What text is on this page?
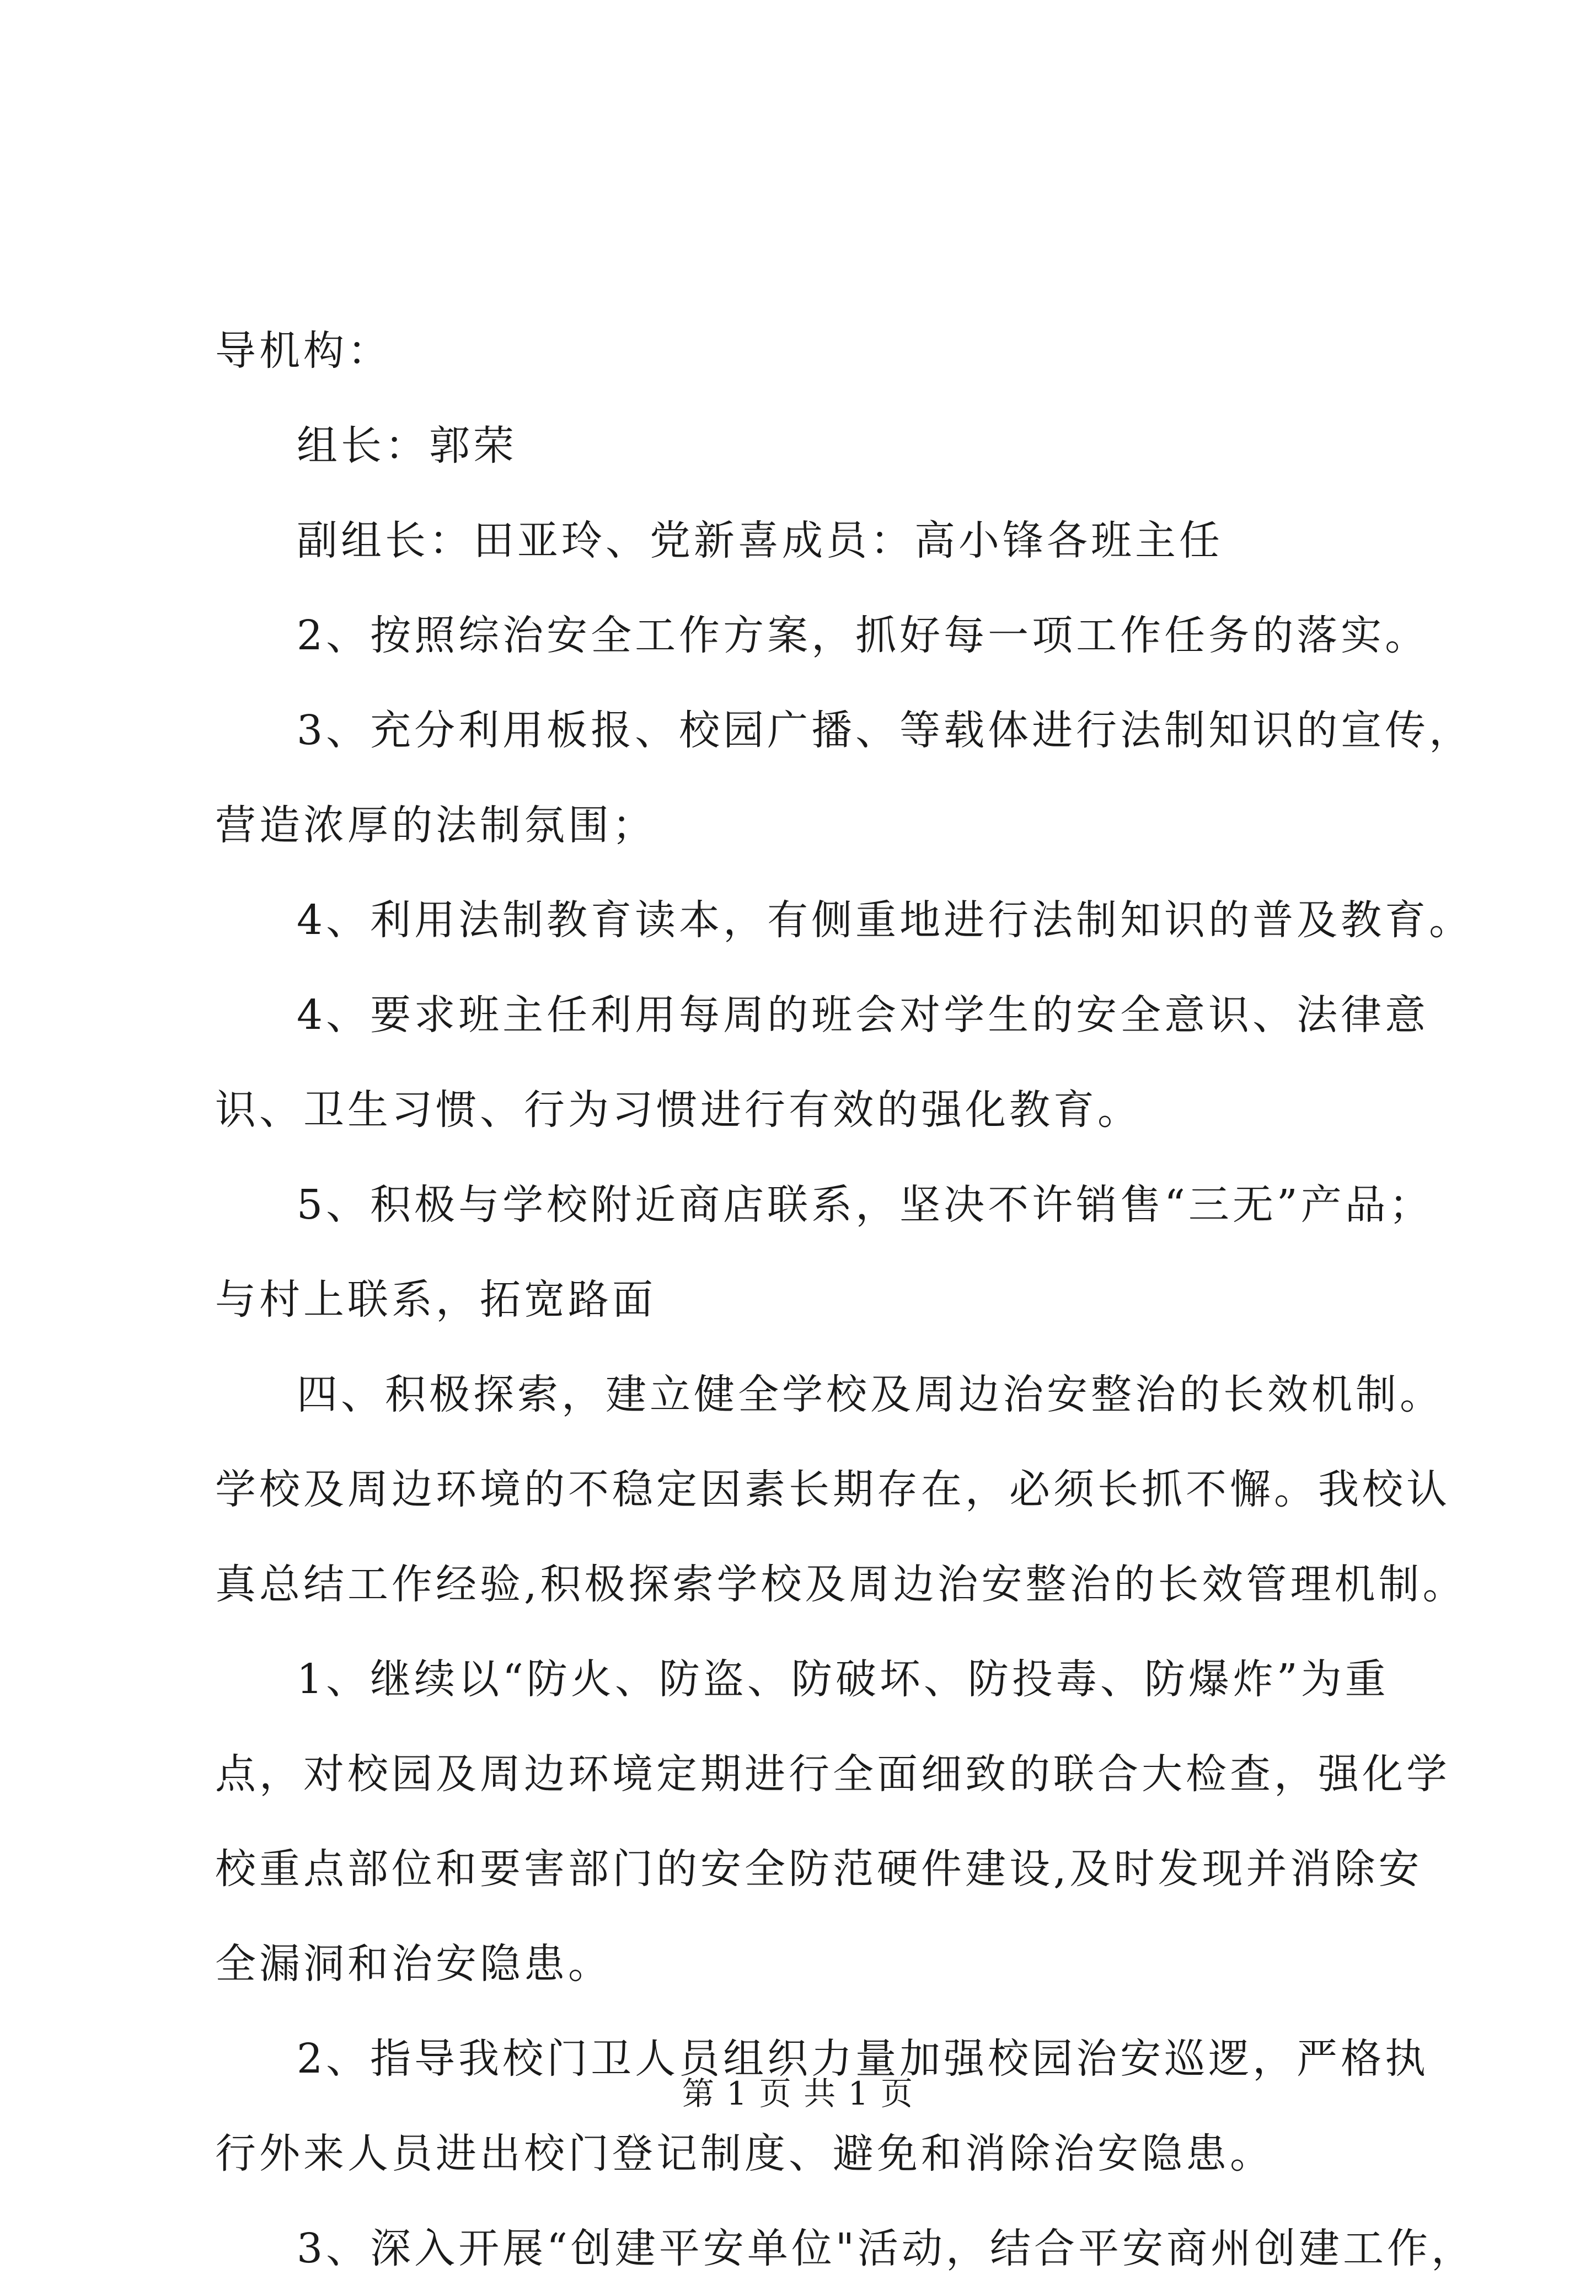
导机构：

组长：郭荣

副组长：田亚玲、党新喜成员：高小锋各班主任

2、按照综治安全工作方案，抓好每一项工作任务的落实。

3、充分利用板报、校园广播、等载体进行法制知识的宣传，

营造浓厚的法制氛围；

4、利用法制教育读本，有侧重地进行法制知识的普及教育。

4、要求班主任利用每周的班会对学生的安全意识、法律意

识、卫生习惯、行为习惯进行有效的强化教育。

5、积极与学校附近商店联系，坚决不许销售“三无”产品；

与村上联系，拓宽路面

四、积极探索，建立健全学校及周边治安整治的长效机制。

学校及周边环境的不稳定因素长期存在，必须长抓不懈。我校认

真总结工作经验,积极探索学校及周边治安整治的长效管理机制。

1、继续以“防火、防盗、防破坏、防投毒、防爆炸”为重

点，对校园及周边环境定期进行全面细致的联合大检查，强化学

校重点部位和要害部门的安全防范硬件建设,及时发现并消除安

全漏洞和治安隐患。

2、指导我校门卫人员组织力量加强校园治安巡逻，严格执

行外来人员进出校门登记制度、避免和消除治安隐患。

3、深入开展“创建平安单位"活动，结合平安商州创建工作，

第 1 页 共 1 页
